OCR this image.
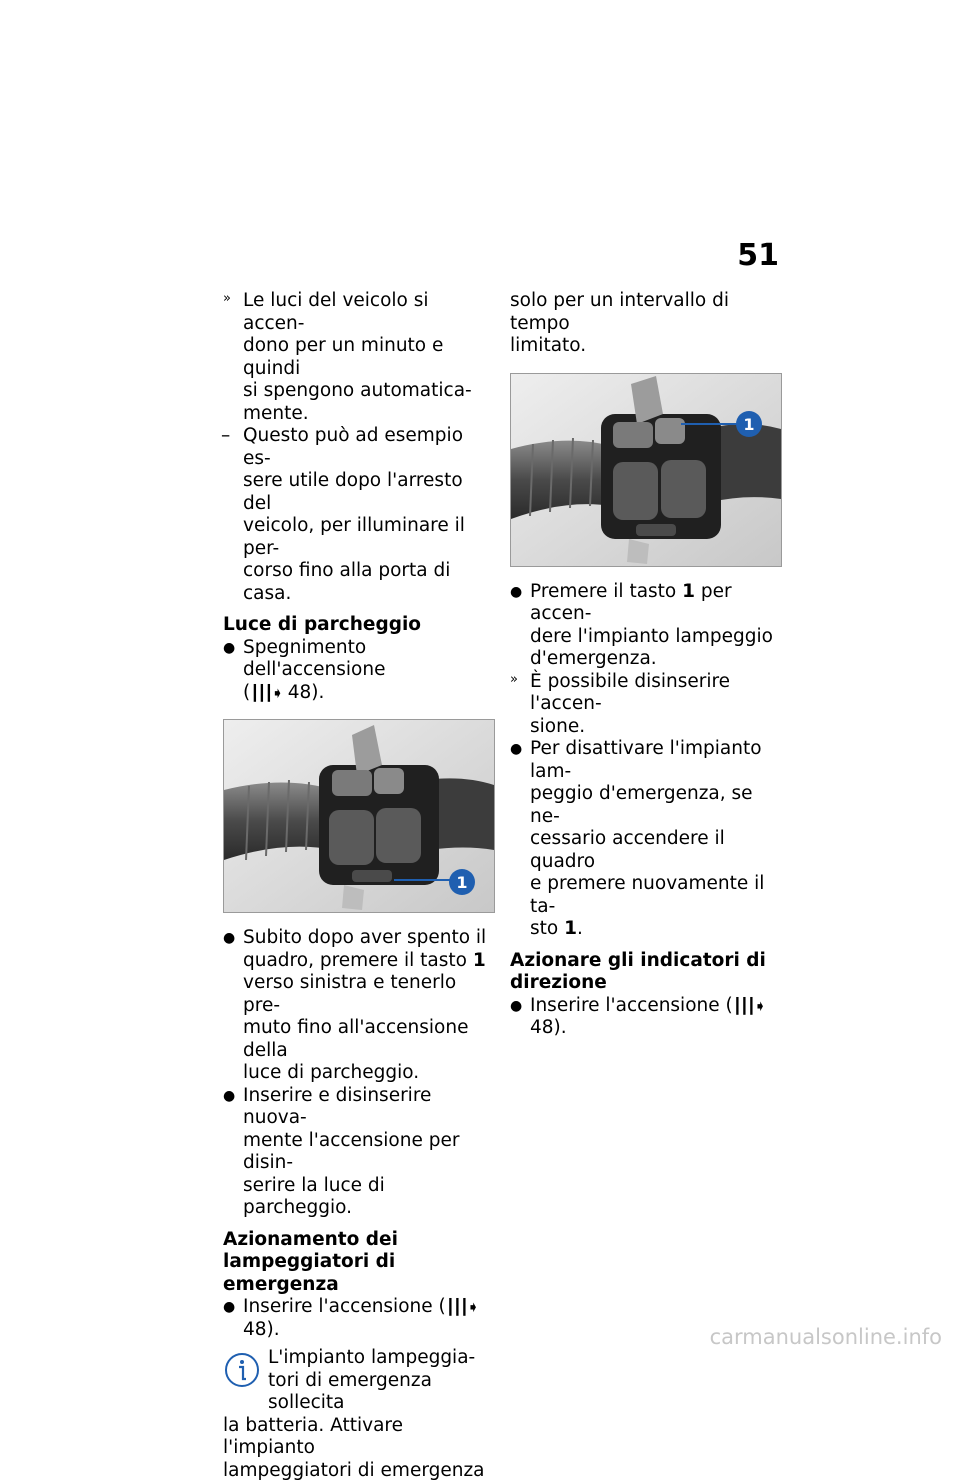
51
» Le luci del veicolo si accen-
dono per un minuto e quindi
si spengono automatica-
mente.
– Questo può ad esempio es-
sere utile dopo l'arresto del
veicolo, per illuminare il per-
corso fino alla porta di casa.
Luce di parcheggio
● Spegnimento dell'accensione
(┃┃┃➧ 48).
1
● Subito dopo aver spento il
quadro, premere il tasto 1
verso sinistra e tenerlo pre-
muto fino all'accensione della
luce di parcheggio.
● Inserire e disinserire nuova-
mente l'accensione per disin-
serire la luce di parcheggio.
Azionamento dei
lampeggiatori di emergenza
● Inserire l'accensione (┃┃┃➧ 48).
L'impianto lampeggia-
tori di emergenza sollecita
la batteria. Attivare l'impianto
lampeggiatori di emergenza
solo per un intervallo di tempo
limitato.
1
● Premere il tasto 1 per accen-
dere l'impianto lampeggio
d'emergenza.
» È possibile disinserire l'accen-
sione.
● Per disattivare l'impianto lam-
peggio d'emergenza, se ne-
cessario accendere il quadro
e premere nuovamente il ta-
sto 1.
Azionare gli indicatori di
direzione
● Inserire l'accensione (┃┃┃➧ 48).
carmanualsonline.info
